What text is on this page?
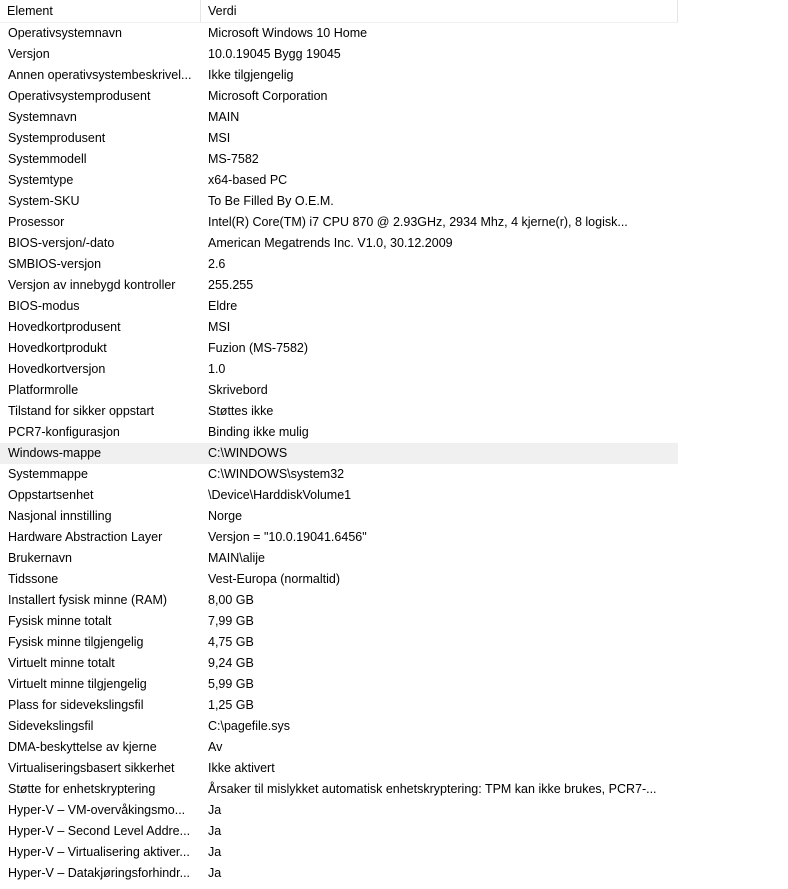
Element	Verdi
Operativsystemnavn	Microsoft Windows 10 Home
Versjon	10.0.19045 Bygg 19045
Annen operativsystembeskrivel...	Ikke tilgjengelig
Operativsystemprodusent	Microsoft Corporation
Systemnavn	MAIN
Systemprodusent	MSI
Systemmodell	MS-7582
Systemtype	x64-based PC
System-SKU	To Be Filled By O.E.M.
Prosessor	Intel(R) Core(TM) i7 CPU 870 @ 2.93GHz, 2934 Mhz, 4 kjerne(r), 8 logisk...
BIOS-versjon/-dato	American Megatrends Inc. V1.0, 30.12.2009
SMBIOS-versjon	2.6
Versjon av innebygd kontroller	255.255
BIOS-modus	Eldre
Hovedkortprodusent	MSI
Hovedkortprodukt	Fuzion (MS-7582)
Hovedkortversjon	1.0
Platformrolle	Skrivebord
Tilstand for sikker oppstart	Støttes ikke
PCR7-konfigurasjon	Binding ikke mulig
Windows-mappe	C:\WINDOWS
Systemmappe	C:\WINDOWS\system32
Oppstartsenhet	\Device\HarddiskVolume1
Nasjonal innstilling	Norge
Hardware Abstraction Layer	Versjon = "10.0.19041.6456"
Brukernavn	MAIN\alije
Tidssone	Vest-Europa (normaltid)
Installert fysisk minne (RAM)	8,00 GB
Fysisk minne totalt	7,99 GB
Fysisk minne tilgjengelig	4,75 GB
Virtuelt minne totalt	9,24 GB
Virtuelt minne tilgjengelig	5,99 GB
Plass for sidevekslingsfil	1,25 GB
Sidevekslingsfil	C:\pagefile.sys
DMA-beskyttelse av kjerne	Av
Virtualiseringsbasert sikkerhet	Ikke aktivert
Støtte for enhetskryptering	Årsaker til mislykket automatisk enhetskryptering: TPM kan ikke brukes, PCR7-...
Hyper-V – VM-overvåkingsmo...	Ja
Hyper-V – Second Level Addre...	Ja
Hyper-V – Virtualisering aktiver...	Ja
Hyper-V – Datakjøringsforhindr...	Ja
